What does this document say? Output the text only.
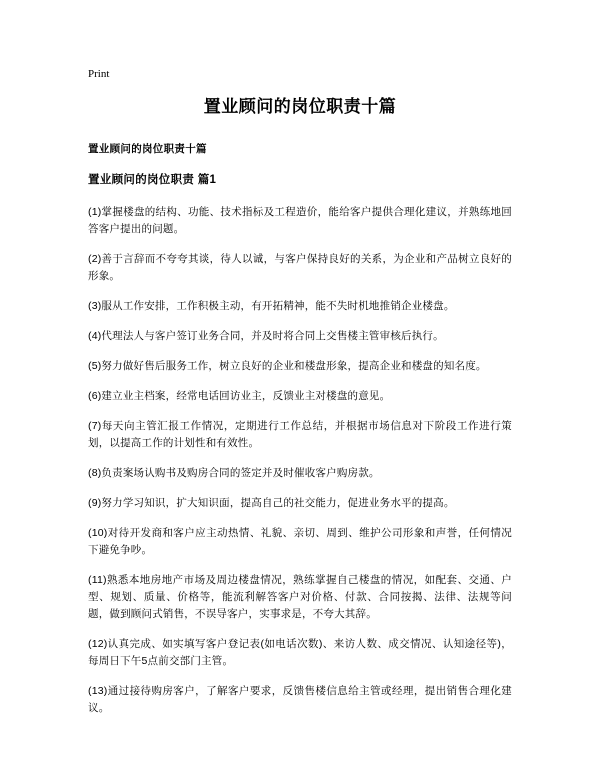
Print
置业顾问的岗位职责十篇
置业顾问的岗位职责十篇
置业顾问的岗位职责 篇1
(1)掌握楼盘的结构、功能、技术指标及工程造价，能给客户提供合理化建议，并熟练地回答客户提出的问题。
(2)善于言辞而不夸夸其谈，待人以诚，与客户保持良好的关系，为企业和产品树立良好的形象。
(3)服从工作安排，工作积极主动，有开拓精神，能不失时机地推销企业楼盘。
(4)代理法人与客户签订业务合同，并及时将合同上交售楼主管审核后执行。
(5)努力做好售后服务工作，树立良好的企业和楼盘形象，提高企业和楼盘的知名度。
(6)建立业主档案，经常电话回访业主，反馈业主对楼盘的意见。
(7)每天向主管汇报工作情况，定期进行工作总结，并根据市场信息对下阶段工作进行策划，以提高工作的计划性和有效性。
(8)负责案场认购书及购房合同的签定并及时催收客户购房款。
(9)努力学习知识，扩大知识面，提高自己的社交能力，促进业务水平的提高。
(10)对待开发商和客户应主动热情、礼貌、亲切、周到、维护公司形象和声誉，任何情况下避免争吵。
(11)熟悉本地房地产市场及周边楼盘情况，熟练掌握自己楼盘的情况，如配套、交通、户型、规划、质量、价格等，能流利解答客户对价格、付款、合同按揭、法律、法规等问题，做到顾问式销售，不误导客户，实事求是，不夸大其辞。
(12)认真完成、如实填写客户登记表(如电话次数)、来访人数、成交情况、认知途径等)，每周日下午5点前交部门主管。
(13)通过接待购房客户，了解客户要求，反馈售楼信息给主管或经理，提出销售合理化建议。
